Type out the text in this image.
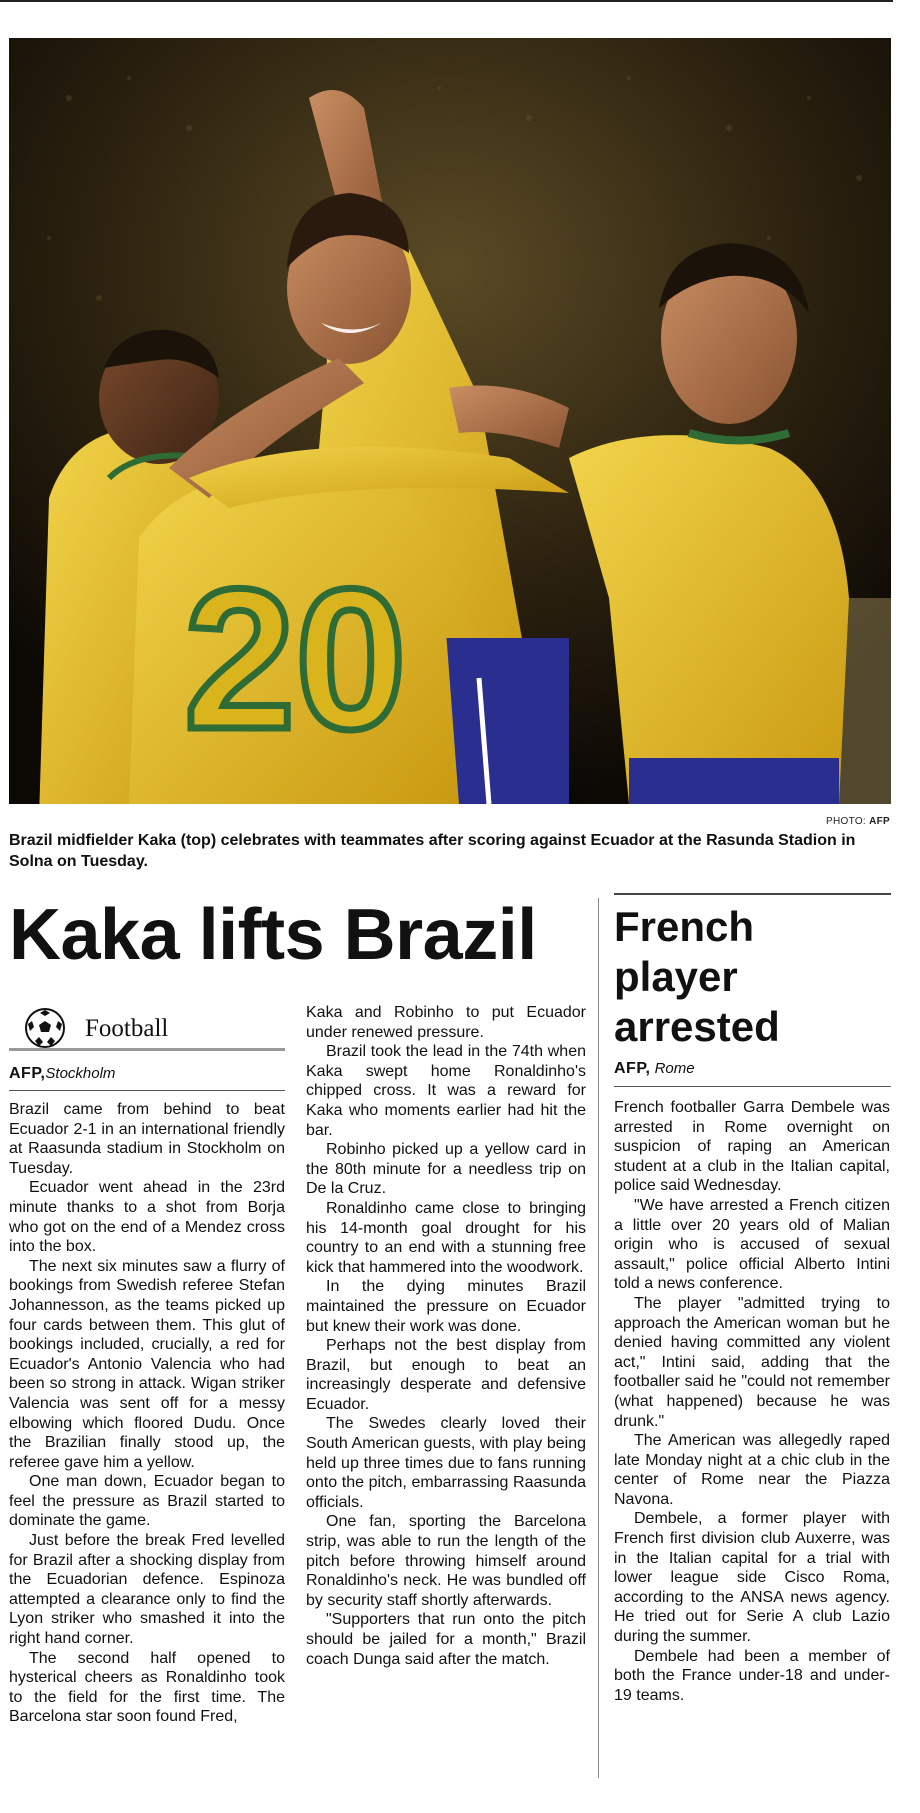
20
PHOTO: AFP
Brazil midfielder Kaka (top) celebrates with teammates after scoring against Ecuador at the Rasunda Stadion in Solna on Tuesday.
Kaka lifts Brazil
Football
AFP,Stockholm

Brazil came from behind to beat Ecuador 2-1 in an international friendly at Raasunda stadium in Stockholm on Tuesday.

Ecuador went ahead in the 23rd minute thanks to a shot from Borja who got on the end of a Mendez cross into the box.

The next six minutes saw a flurry of bookings from Swedish referee Stefan Johannesson, as the teams picked up four cards between them. This glut of bookings included, crucially, a red for Ecuador's Antonio Valencia who had been so strong in attack. Wigan striker Valencia was sent off for a messy elbowing which floored Dudu. Once the Brazilian finally stood up, the referee gave him a yellow.

One man down, Ecuador began to feel the pressure as Brazil started to dominate the game.

Just before the break Fred levelled for Brazil after a shocking display from the Ecuadorian defence. Espinoza attempted a clearance only to find the Lyon striker who smashed it into the right hand corner.

The second half opened to hysterical cheers as Ronaldinho took to the field for the first time. The Barcelona star soon found Fred,

Kaka and Robinho to put Ecuador under renewed pressure.

Brazil took the lead in the 74th when Kaka swept home Ronaldinho's chipped cross. It was a reward for Kaka who moments earlier had hit the bar.

Robinho picked up a yellow card in the 80th minute for a needless trip on De la Cruz.

Ronaldinho came close to bringing his 14-month goal drought for his country to an end with a stunning free kick that hammered into the woodwork.

In the dying minutes Brazil maintained the pressure on Ecuador but knew their work was done.

Perhaps not the best display from Brazil, but enough to beat an increasingly desperate and defensive Ecuador.

The Swedes clearly loved their South American guests, with play being held up three times due to fans running onto the pitch, embarrassing Raasunda officials.

One fan, sporting the Barcelona strip, was able to run the length of the pitch before throwing himself around Ronaldinho's neck. He was bundled off by security staff shortly afterwards.

"Supporters that run onto the pitch should be jailed for a month," Brazil coach Dunga said after the match.

French player arrested
AFP, Rome

French footballer Garra Dembele was arrested in Rome overnight on suspicion of raping an American student at a club in the Italian capital, police said Wednesday.

"We have arrested a French citizen a little over 20 years old of Malian origin who is accused of sexual assault," police official Alberto Intini told a news conference.

The player "admitted trying to approach the American woman but he denied having committed any violent act," Intini said, adding that the footballer said he "could not remember (what happened) because he was drunk."

The American was allegedly raped late Monday night at a chic club in the center of Rome near the Piazza Navona.

Dembele, a former player with French first division club Auxerre, was in the Italian capital for a trial with lower league side Cisco Roma, according to the ANSA news agency. He tried out for Serie A club Lazio during the summer.

Dembele had been a member of both the France under-18 and under-19 teams.
